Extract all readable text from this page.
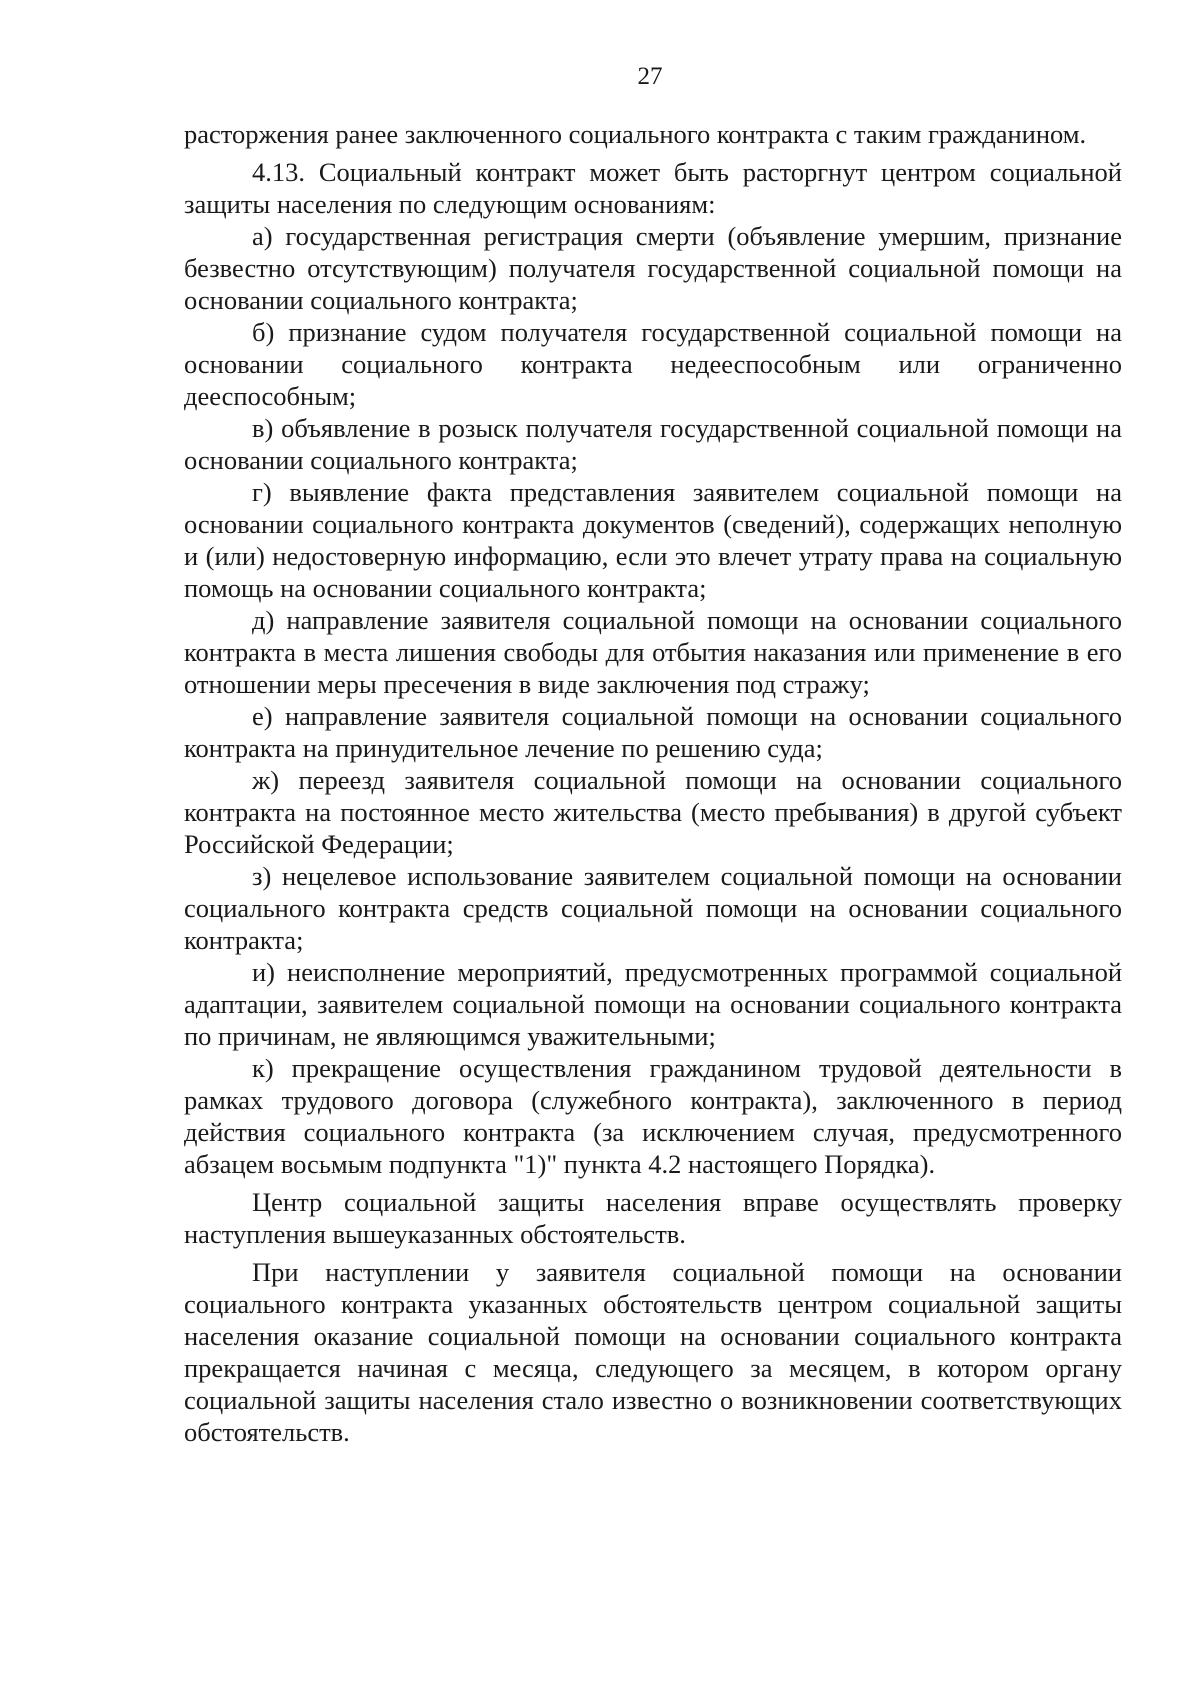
27

расторжения ранее заключенного социального контракта с таким гражданином.

4.13. Социальный контракт может быть расторгнут центром социальной защиты населения по следующим основаниям:

а) государственная регистрация смерти (объявление умершим, признание безвестно отсутствующим) получателя государственной социальной помощи на основании социального контракта;

б) признание судом получателя государственной социальной помощи на основании социального контракта недееспособным или ограниченно дееспособным;

в) объявление в розыск получателя государственной социальной помощи на основании социального контракта;

г) выявление факта представления заявителем социальной помощи на основании социального контракта документов (сведений), содержащих неполную и (или) недостоверную информацию, если это влечет утрату права на социальную помощь на основании социального контракта;

д) направление заявителя социальной помощи на основании социального контракта в места лишения свободы для отбытия наказания или применение в его отношении меры пресечения в виде заключения под стражу;

е) направление заявителя социальной помощи на основании социального контракта на принудительное лечение по решению суда;

ж) переезд заявителя социальной помощи на основании социального контракта на постоянное место жительства (место пребывания) в другой субъект Российской Федерации;

з) нецелевое использование заявителем социальной помощи на основании социального контракта средств социальной помощи на основании социального контракта;

и) неисполнение мероприятий, предусмотренных программой социальной адаптации, заявителем социальной помощи на основании социального контракта по причинам, не являющимся уважительными;

к) прекращение осуществления гражданином трудовой деятельности в рамках трудового договора (служебного контракта), заключенного в период действия социального контракта (за исключением случая, предусмотренного абзацем восьмым подпункта "1)" пункта 4.2 настоящего Порядка).

Центр социальной защиты населения вправе осуществлять проверку наступления вышеуказанных обстоятельств.

При наступлении у заявителя социальной помощи на основании социального контракта указанных обстоятельств центром социальной защиты населения оказание социальной помощи на основании социального контракта прекращается начиная с месяца, следующего за месяцем, в котором органу социальной защиты населения стало известно о возникновении соответствующих обстоятельств.
